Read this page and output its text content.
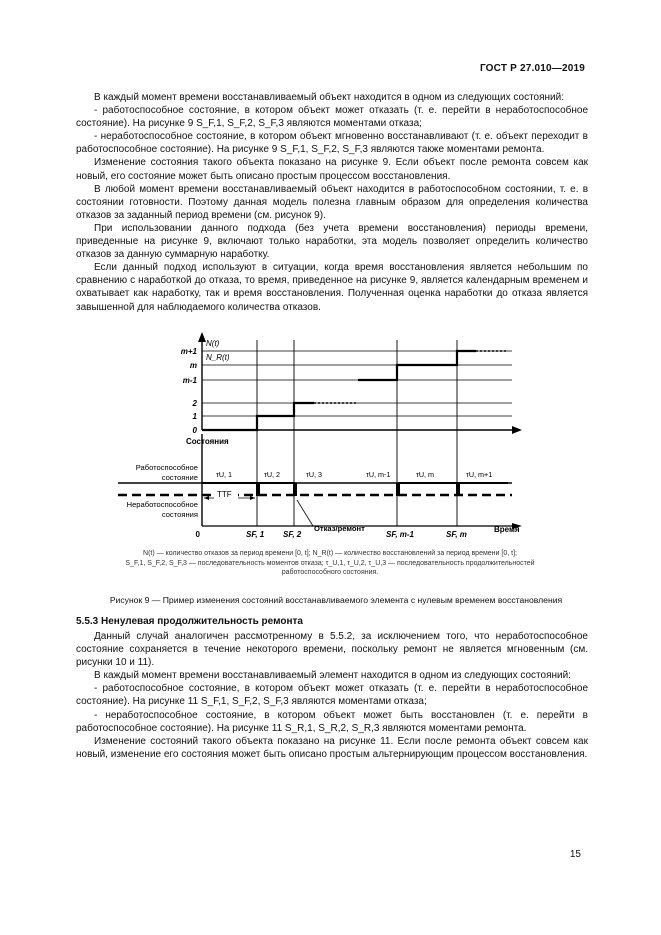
ГОСТ Р 27.010—2019

В каждый момент времени восстанавливаемый объект находится в одном из следующих состояний:

- работоспособное состояние, в котором объект может отказать (т. е. перейти в неработоспособное состояние). На рисунке 9 S_F,1, S_F,2, S_F,3 являются моментами отказа;

- неработоспособное состояние, в котором объект мгновенно восстанавливают (т. е. объект переходит в работоспособное состояние). На рисунке 9 S_F,1, S_F,2, S_F,3 являются также моментами ремонта.

Изменение состояния такого объекта показано на рисунке 9. Если объект после ремонта совсем как новый, его состояние может быть описано простым процессом восстановления.

В любой момент времени восстанавливаемый объект находится в работоспособном состоянии, т. е. в состоянии готовности. Поэтому данная модель полезна главным образом для определения количества отказов за заданный период времени (см. рисунок 9).

При использовании данного подхода (без учета времени восстановления) периоды времени, приведенные на рисунке 9, включают только наработки, эта модель позволяет определить количество отказов за данную суммарную наработку.

Если данный подход используют в ситуации, когда время восстановления является небольшим по сравнению с наработкой до отказа, то время, приведенное на рисунке 9, является календарным временем и охватывает как наработку, так и время восстановления. Полученная оценка наработки до отказа является завышенной для наблюдаемого количества отказов.

m+1
m
m-1
2
1
0
N(t)
N_R(t)
Состояния
Работоспособное
состояние
Неработоспособное
состояния
τU, 1	τU, 2	τU, 3	τU, m-1	τU, m	τU, m+1
TTF
0	SF, 1 SF, 2	SF, m-1	SF, m
Отказ/ремонт	Время
N(t) — количество отказов за период времени [0, t]; N_R(t) — количество восстановлений за период времени [0, t];
S_F,1, S_F,2, S_F,3 — последовательность моментов отказа; τ_U,1, τ_U,2, τ_U,3 — последовательность продолжительностей
работоспособного состояния.
Рисунок 9 — Пример изменения состояний восстанавливаемого элемента с нулевым временем восстановления
5.5.3 Ненулевая продолжительность ремонта

Данный случай аналогичен рассмотренному в 5.5.2, за исключением того, что неработоспособное состояние сохраняется в течение некоторого времени, поскольку ремонт не является мгновенным (см. рисунки 10 и 11).

В каждый момент времени восстанавливаемый элемент находится в одном из следующих состояний:

- работоспособное состояние, в котором объект может отказать (т. е. перейти в неработоспособное состояние). На рисунке 11 S_F,1, S_F,2, S_F,3 являются моментами отказа;

- неработоспособное состояние, в котором объект может быть восстановлен (т. е. перейти в работоспособное состояние). На рисунке 11 S_R,1, S_R,2, S_R,3 являются моментами ремонта.

Изменение состояний такого объекта показано на рисунке 11. Если после ремонта объект совсем как новый, изменение его состояния может быть описано простым альтернирующим процессом восстановления.

15
